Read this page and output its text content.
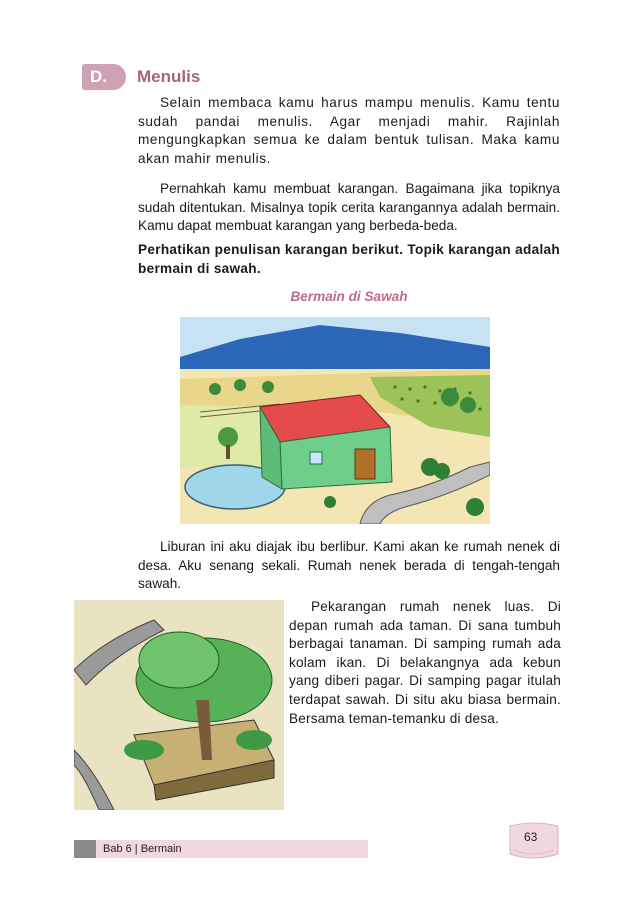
D. Menulis

Selain membaca kamu harus mampu menulis. Kamu tentu sudah pandai menulis. Agar menjadi mahir. Rajinlah mengungkapkan semua ke dalam bentuk tulisan. Maka kamu akan mahir menulis.

Pernahkah kamu membuat karangan. Bagaimana jika topiknya sudah ditentukan. Misalnya topik cerita karangannya adalah bermain. Kamu dapat membuat karangan yang berbeda-beda.

Perhatikan penulisan karangan berikut. Topik karangan adalah bermain di sawah.

Bermain di Sawah

Liburan ini aku diajak ibu berlibur. Kami akan ke rumah nenek di desa. Aku senang sekali. Rumah nenek berada di tengah-tengah sawah.

Pekarangan rumah nenek luas. Di depan rumah ada taman. Di sana tumbuh berbagai tanaman. Di samping rumah ada kolam ikan. Di belakangnya ada kebun yang diberi pagar. Di samping pagar itulah terdapat sawah. Di situ aku biasa bermain. Bersama teman-temanku di desa.

Bab 6 | Bermain
63
